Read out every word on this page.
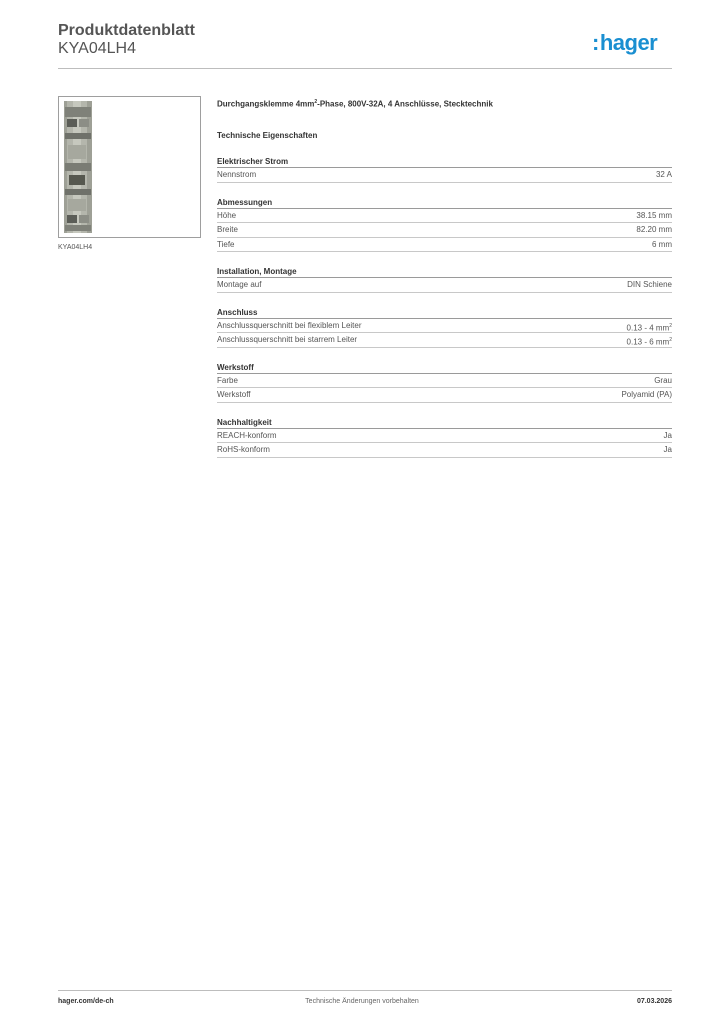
Produktdatenblatt
KYA04LH4	:hager
KYA04LH4
Durchgangsklemme $4mm^2$-Phase, 800V-32A, 4 Anschlüsse, Stecktechnik
Technische Eigenschaften
Elektrischer Strom
Nennstrom	32 A
Abmessungen
Höhe	38.15 mm
Breite	82.20 mm
Tiefe	6 mm
Installation, Montage
Montage auf	DIN Schiene
Anschluss
Anschlussquerschnitt bei flexiblem Leiter	0.13 - 4 $mm^2$
Anschlussquerschnitt bei starrem Leiter	0.13 - 6 $mm^2$
Werkstoff
Farbe	Grau
Werkstoff	Polyamid (PA)
Nachhaltigkeit
REACH-konform	Ja
RoHS-konform	Ja
Technische Änderungen vorbehalten
hager.com/de-ch	07.03.2026
